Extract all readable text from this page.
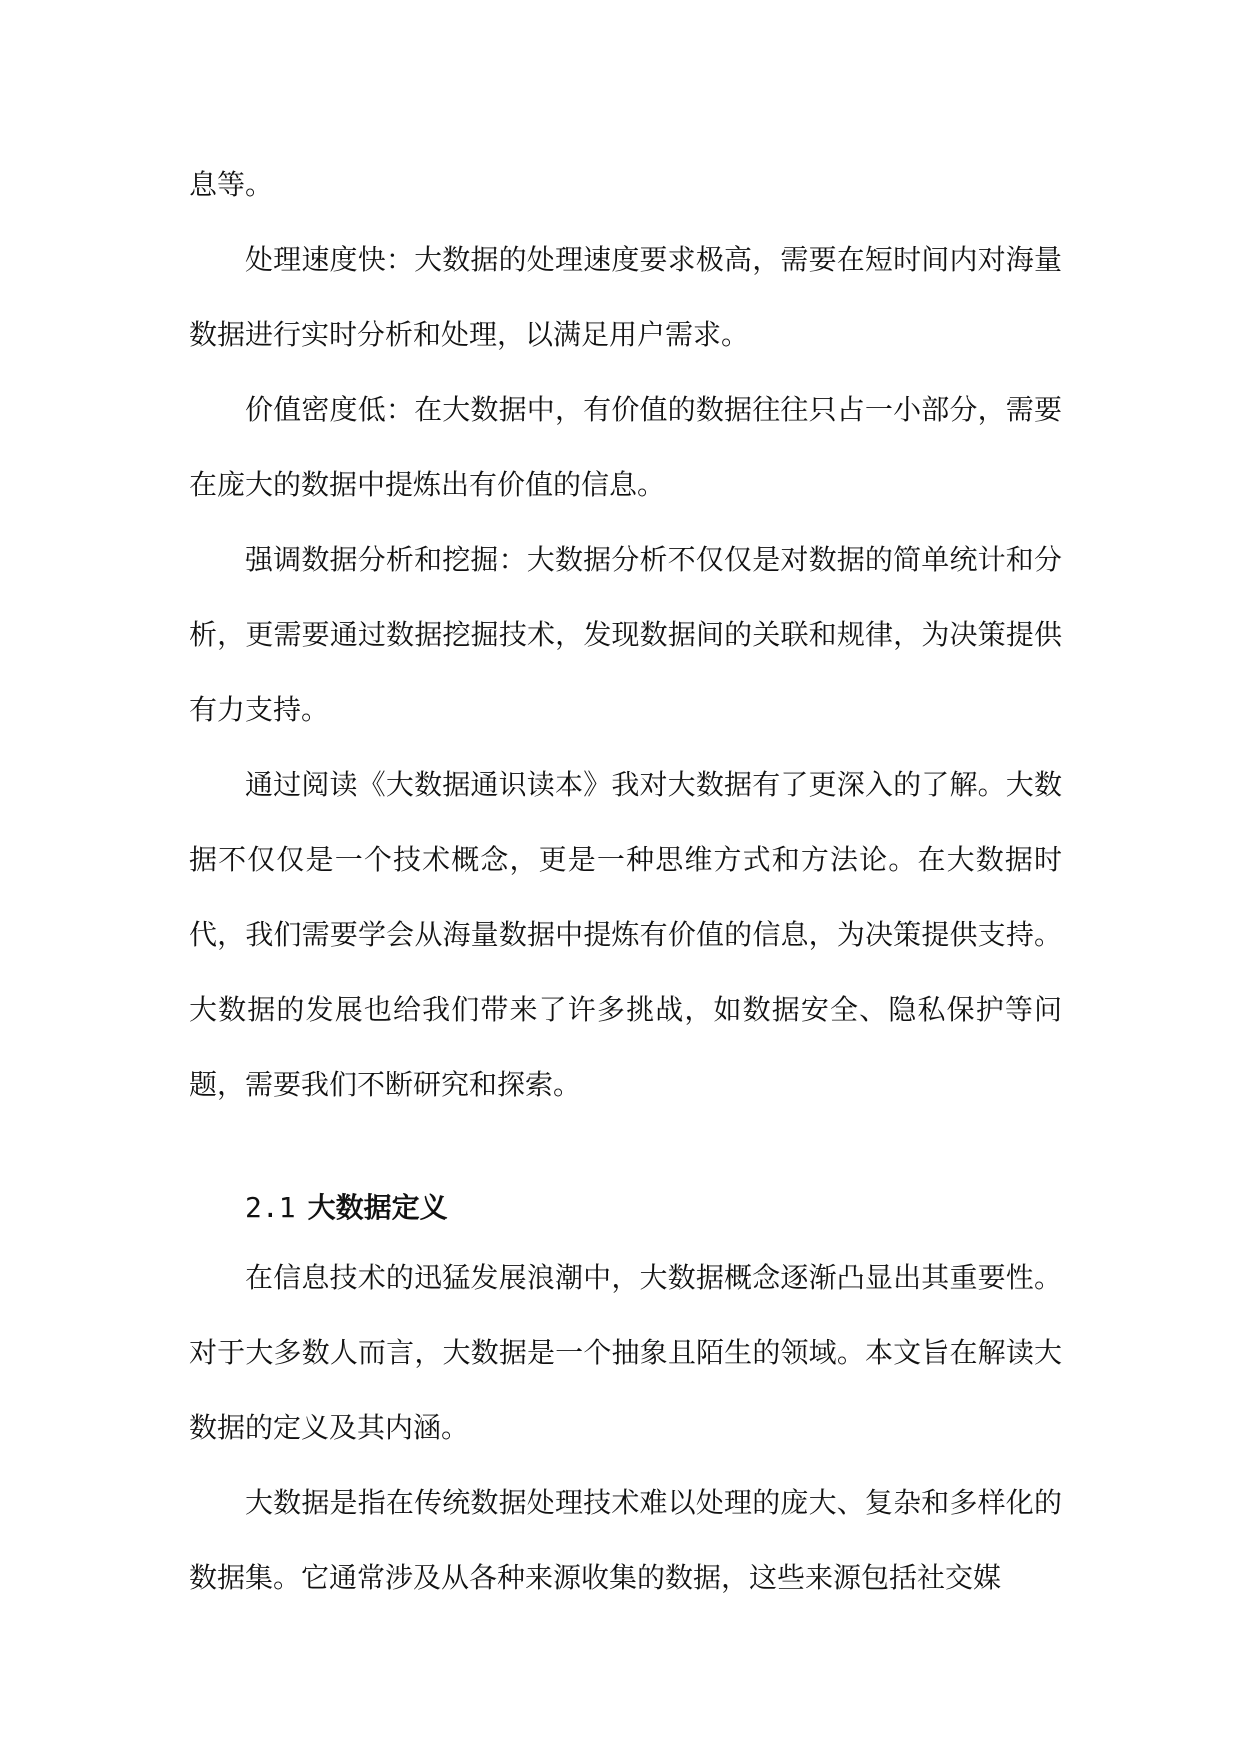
息等。

处理速度快：大数据的处理速度要求极高，需要在短时间内对海量数据进行实时分析和处理，以满足用户需求。

价值密度低：在大数据中，有价值的数据往往只占一小部分，需要在庞大的数据中提炼出有价值的信息。

强调数据分析和挖掘：大数据分析不仅仅是对数据的简单统计和分析，更需要通过数据挖掘技术，发现数据间的关联和规律，为决策提供有力支持。

通过阅读《大数据通识读本》我对大数据有了更深入的了解。大数据不仅仅是一个技术概念，更是一种思维方式和方法论。在大数据时代，我们需要学会从海量数据中提炼有价值的信息，为决策提供支持。大数据的发展也给我们带来了许多挑战，如数据安全、隐私保护等问题，需要我们不断研究和探索。

2.1 大数据定义

在信息技术的迅猛发展浪潮中，大数据概念逐渐凸显出其重要性。对于大多数人而言，大数据是一个抽象且陌生的领域。本文旨在解读大数据的定义及其内涵。

大数据是指在传统数据处理技术难以处理的庞大、复杂和多样化的数据集。它通常涉及从各种来源收集的数据，这些来源包括社交媒
